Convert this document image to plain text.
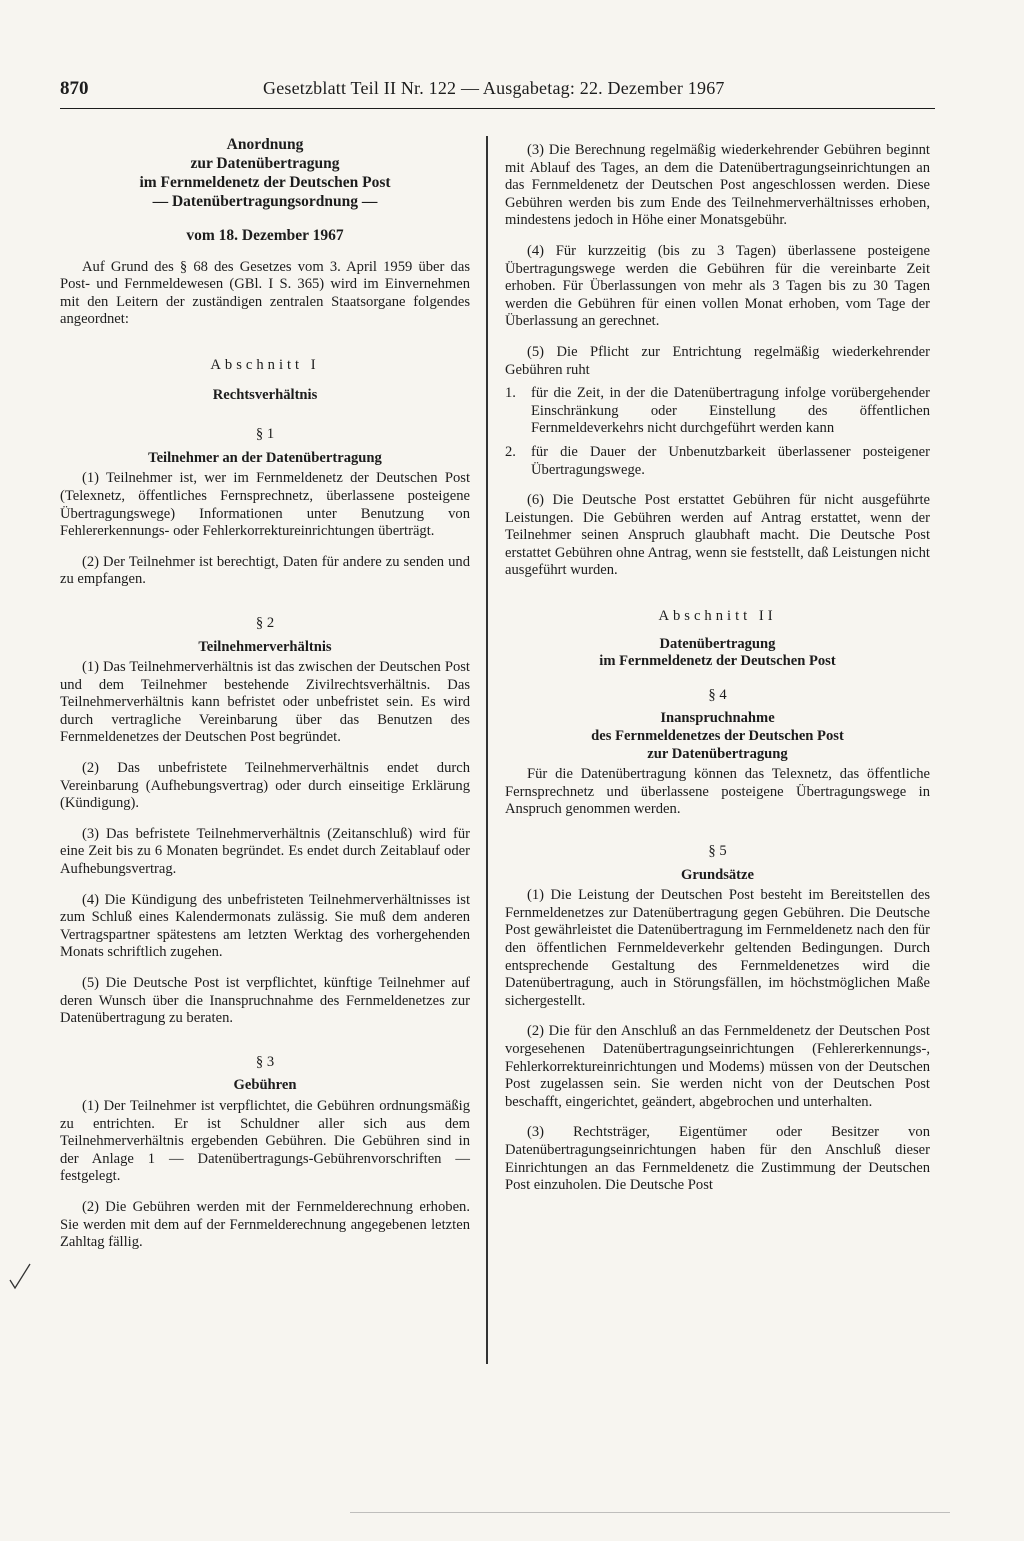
870	Gesetzblatt Teil II Nr. 122 — Ausgabetag: 22. Dezember 1967
Anordnung
zur Datenübertragung
im Fernmeldenetz der Deutschen Post
— Datenübertragungsordnung —
vom 18. Dezember 1967

Auf Grund des § 68 des Gesetzes vom 3. April 1959 über das Post- und Fernmeldewesen (GBl. I S. 365) wird im Einvernehmen mit den Leitern der zuständigen zentralen Staatsorgane folgendes angeordnet:

Abschnitt I
Rechtsverhältnis
§ 1
Teilnehmer an der Datenübertragung

(1) Teilnehmer ist, wer im Fernmeldenetz der Deutschen Post (Telexnetz, öffentliches Fernsprechnetz, überlassene posteigene Übertragungswege) Informationen unter Benutzung von Fehlererkennungs- oder Fehlerkorrektureinrichtungen überträgt.

(2) Der Teilnehmer ist berechtigt, Daten für andere zu senden und zu empfangen.

§ 2
Teilnehmerverhältnis

(1) Das Teilnehmerverhältnis ist das zwischen der Deutschen Post und dem Teilnehmer bestehende Zivilrechtsverhältnis. Das Teilnehmerverhältnis kann befristet oder unbefristet sein. Es wird durch vertragliche Vereinbarung über das Benutzen des Fernmeldenetzes der Deutschen Post begründet.

(2) Das unbefristete Teilnehmerverhältnis endet durch Vereinbarung (Aufhebungsvertrag) oder durch einseitige Erklärung (Kündigung).

(3) Das befristete Teilnehmerverhältnis (Zeitanschluß) wird für eine Zeit bis zu 6 Monaten begründet. Es endet durch Zeitablauf oder Aufhebungsvertrag.

(4) Die Kündigung des unbefristeten Teilnehmerverhältnisses ist zum Schluß eines Kalendermonats zulässig. Sie muß dem anderen Vertragspartner spätestens am letzten Werktag des vorhergehenden Monats schriftlich zugehen.

(5) Die Deutsche Post ist verpflichtet, künftige Teilnehmer auf deren Wunsch über die Inanspruchnahme des Fernmeldenetzes zur Datenübertragung zu beraten.

§ 3
Gebühren

(1) Der Teilnehmer ist verpflichtet, die Gebühren ordnungsmäßig zu entrichten. Er ist Schuldner aller sich aus dem Teilnehmerverhältnis ergebenden Gebühren. Die Gebühren sind in der Anlage 1 — Datenübertragungs-Gebührenvorschriften — festgelegt.

(2) Die Gebühren werden mit der Fernmelderechnung erhoben. Sie werden mit dem auf der Fernmelderechnung angegebenen letzten Zahltag fällig.

(3) Die Berechnung regelmäßig wiederkehrender Gebühren beginnt mit Ablauf des Tages, an dem die Datenübertragungseinrichtungen an das Fernmeldenetz der Deutschen Post angeschlossen werden. Diese Gebühren werden bis zum Ende des Teilnehmerverhältnisses erhoben, mindestens jedoch in Höhe einer Monatsgebühr.

(4) Für kurzzeitig (bis zu 3 Tagen) überlassene posteigene Übertragungswege werden die Gebühren für die vereinbarte Zeit erhoben. Für Überlassungen von mehr als 3 Tagen bis zu 30 Tagen werden die Gebühren für einen vollen Monat erhoben, vom Tage der Überlassung an gerechnet.

(5) Die Pflicht zur Entrichtung regelmäßig wiederkehrender Gebühren ruht

1.	für die Zeit, in der die Datenübertragung infolge vorübergehender Einschränkung oder Einstellung des öffentlichen Fernmeldeverkehrs nicht durchgeführt werden kann
2.	für die Dauer der Unbenutzbarkeit überlassener posteigener Übertragungswege.

(6) Die Deutsche Post erstattet Gebühren für nicht ausgeführte Leistungen. Die Gebühren werden auf Antrag erstattet, wenn der Teilnehmer seinen Anspruch glaubhaft macht. Die Deutsche Post erstattet Gebühren ohne Antrag, wenn sie feststellt, daß Leistungen nicht ausgeführt wurden.

Abschnitt II
Datenübertragung
im Fernmeldenetz der Deutschen Post
§ 4
Inanspruchnahme
des Fernmeldenetzes der Deutschen Post
zur Datenübertragung

Für die Datenübertragung können das Telexnetz, das öffentliche Fernsprechnetz und überlassene posteigene Übertragungswege in Anspruch genommen werden.

§ 5
Grundsätze

(1) Die Leistung der Deutschen Post besteht im Bereitstellen des Fernmeldenetzes zur Datenübertragung gegen Gebühren. Die Deutsche Post gewährleistet die Datenübertragung im Fernmeldenetz nach den für den öffentlichen Fernmeldeverkehr geltenden Bedingungen. Durch entsprechende Gestaltung des Fernmeldenetzes wird die Datenübertragung, auch in Störungsfällen, im höchstmöglichen Maße sichergestellt.

(2) Die für den Anschluß an das Fernmeldenetz der Deutschen Post vorgesehenen Datenübertragungseinrichtungen (Fehlererkennungs-, Fehlerkorrektureinrichtungen und Modems) müssen von der Deutschen Post zugelassen sein. Sie werden nicht von der Deutschen Post beschafft, eingerichtet, geändert, abgebrochen und unterhalten.

(3) Rechtsträger, Eigentümer oder Besitzer von Datenübertragungseinrichtungen haben für den Anschluß dieser Einrichtungen an das Fernmeldenetz die Zustimmung der Deutschen Post einzuholen. Die Deutsche Post
